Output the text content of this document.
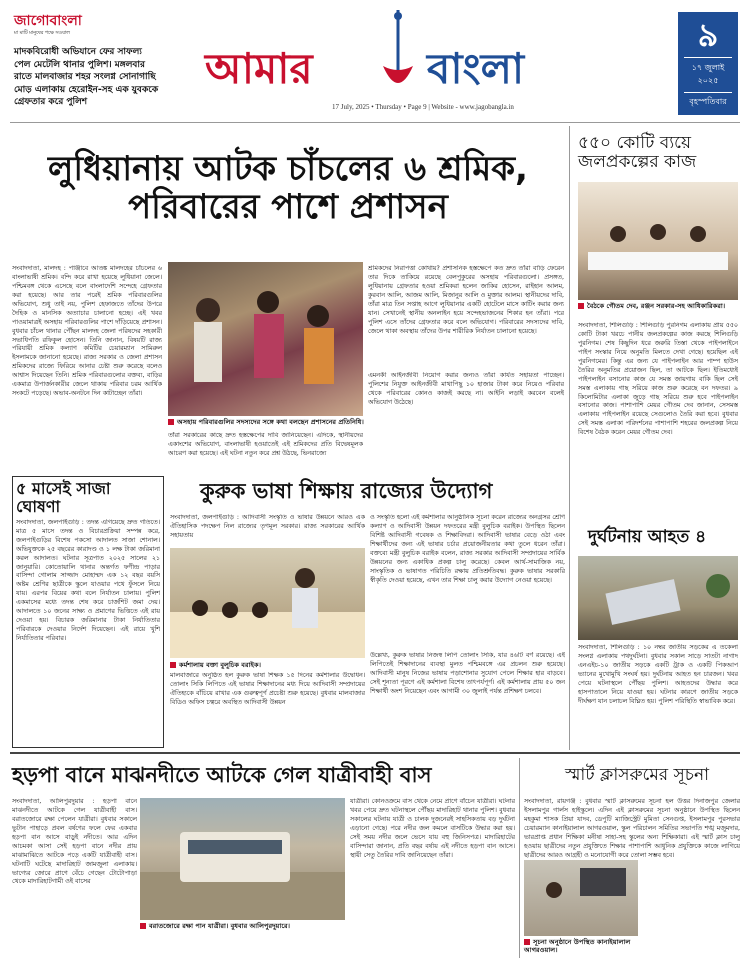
জাগোবাংলা
মা মাটি মানুষের পক্ষে সওয়াল
মাদকবিরোধী অভিযানে ফের সাফল্য পেল মেটেলি থানার পুলিশ। মঙ্গলবার রাতে মালবাজার শহর সংলগ্ন সোনাগাছি মোড় এলাকায় হেরোইন-সহ এক যুবককে গ্রেফতার করে পুলিশ
আমার	বাংলা
17 July, 2025 • Thursday • Page 9 | Website - www.jagobangla.in
৯
১৭ জুলাই
২০২৫
বৃহস্পতিবার
লুধিয়ানায় আটক চাঁচলের ৬ শ্রমিক, পরিবারের পাশে প্রশাসন
সংবাদদাতা, মালদহ : পাঞ্জাবে আতঙ্ক মালদহের চাঁচলের ৬ বাংলাভাষী শ্রমিক। বন্দি করে রাখা হয়েছে লুধিয়ানা জেলে। পশ্চিমবঙ্গ থেকে এসেছে বলে বাংলাদেশি সন্দেহে গ্রেফতার করা হয়েছে। আর তার পরেই শ্রমিক পরিবারগুলির অভিযোগ, শুধু তাই নয়, পুলিশ হেফাজতে তাঁদের উপরে দৈহিক ও মানসিক অত্যাচার চালানো হচ্ছে। এই খবর পাওয়ামাত্রই অসহায় পরিবারগুলির পাশে দাঁড়িয়েছে প্রশাসন। বুধবার চাঁচল থানার পৌঁছন মালদহ জেলা পরিষদের সহকারী সভাধিপতি রফিকুল হোসেন। তিনি জানান, বিষয়টি রাজ্য পরিযায়ী শ্রমিক কল্যাণ কমিটির চেয়ারম্যান সামিরুল ইসলামকে জানানো হয়েছে। রাজ্য সরকার ও জেলা প্রশাসন শ্রমিকদের রাজ্যে ফিরিয়ে আনার চেষ্টা শুরু করেছে বলেও আশ্বাস দিয়েছেন তিনি। শ্রমিক পরিবারগুলোর বক্তব্য, বাড়ির একমাত্র উপার্জনকারীর জেলে থাকায় পরিবার চরম আর্থিক সংকটে পড়েছে। অভাব-অনটনে দিন কাটাচ্ছেন তাঁরা।
অসহায় পরিবারগুলির সদস্যদের সঙ্গে কথা বলছেন প্রশাসনের প্রতিনিধি।
শ্রমিকদের নিরাপত্তা কোথায়? প্রশাসনিক হস্তক্ষেপে কত দ্রুত তাঁরা বাড়ি ফেরেন তার দিকে তাকিয়ে রয়েছে বেলপুকুরের অসহায় পরিবারগুলো। প্রসঙ্গত, লুধিয়ানায় গ্রেফতার হওয়া শ্রমিকরা হলেন জাকির হোসেন, রাইহান আলম, কুরবান আলি, আজম আলি, মিজানুর আলি ও মুক্তার আলম। স্থানীয়দের দাবি, তাঁরা মাত্র তিন সপ্তাহ আগে লুধিয়ানার একটি হোটেলে মাসে কাটিং করার জন্য যান। সেখানেই স্থানীয় অনলাইন হয়ে সন্দেহভাজনের শিকার হন তাঁরা। পরে পুলিশ এসে তাঁদের গ্রেফতার করে বলে অভিযোগ। পরিবারের সদস্যদের দাবি, জেলে থাকা অবস্থায় তাঁদের উপর শারীরিক নির্যাতন চালানো হয়েছে।
এমনকী আইনজীবী নিয়োগ করার জন্যও তাঁরা কার্যত সহায়তা পাচ্ছেন। পুলিশের নিযুক্ত আইনজীবী মাথাপিছু ১০ হাজার টাকা করে নিয়েও পরিবার থেকে পরিবারের কোনও কাজই করছে না। আইনি লড়াই করবেন বলেই অভিযোগ উঠেছে।
তাঁরা সরকারের কাছে দ্রুত হস্তক্ষেপের দাবি জানিয়েছেন। এদিকে, স্থানীয়দের একাংশের অভিযোগ, বাংলাভাষী হওয়াতেই এই শ্রমিকদের প্রতি বিদ্বেষমূলক আচরণ করা হয়েছে। এই ঘটনা নতুন করে প্রশ্ন উঠছে, ভিনরাজ্যে
৫ মাসেই সাজা ঘোষণা
সংবাদদাতা, জলপাইগুড়ি : তদন্ত এগিয়েছে দ্রুত গতিতে। মাত্র ৫ মাসে তদন্ত ও বিচারপ্রক্রিয়া সম্পন্ন করে, জলপাইগুড়ির বিশেষ পকসো আদালত সাজা শোনাল। অভিযুক্তকে ২৫ বছরের কারাদণ্ড ও ১ লক্ষ টাকা জরিমানা করল আদালত। ঘটনার সূত্রপাত ২০২৫ সালের ২১ জানুয়ারি। কোতোয়ালি থানার অন্তর্গত ফণীন্দ্র পাড়ার বাসিন্দা গোলাম সাজ্জাদ মোহাম্মদ এক ১২ বছর বয়সি অষ্টম শ্রেণির ছাত্রীকে স্কুলে যাওয়ার পথে ফুঁসলে নিয়ে যায়। এরপর বিয়ের কথা বলে নির্যাতন চালায়। পুলিশ একমাসের মধ্যে তদন্ত শেষ করে চার্জশিট জমা দেয়। আদালতে ১০ জনের সাক্ষ্য ও প্রমাণের ভিত্তিতে এই রায় দেওয়া হয়। বিচারক জরিমানার টাকা নির্যাতিতার পরিবারকে দেওয়ার নির্দেশ দিয়েছেন। এই রায়ে খুশি নির্যাতিতার পরিবার।
কুরুক ভাষা শিক্ষায় রাজ্যের উদ্যোগ
সংবাদদাতা, জলপাইগুড়ি : আদিবাসী সংস্কৃতি ও ভাষার উন্নয়নে আরও এক ঐতিহাসিক পদক্ষেপ নিল রাজ্যের তৃণমূল সরকার। রাজ্য সরকারের আর্থিক সহায়তায়
কর্মশালায় বক্তা বুলুচিক বরাইক।
মালবাজারে অনুষ্ঠিত হল কুরুক ভাষা শিক্ষক ১৫ দিনের কর্মশালার উদ্বোধন। তোলাং সিকি লিপিতে এই ভাষার শিক্ষাদানের মধ্য দিয়ে আদিবাসী সম্প্রদায়ের ঐতিহ্যকে বাঁচিয়ে রাখার এক গুরুত্বপূর্ণ প্রচেষ্টা শুরু হয়েছে। বুধবার মালবাজার বিডিও অফিস চত্বরে অবস্থিত আদিবাসী উন্নয়ন
ও সংস্কৃতি হলো এই কর্মশালার আনুষ্ঠানিক সূচনা করেন রাজ্যের অনগ্রসর শ্রেণি কল্যাণ ও আদিবাসী উন্নয়ন দফতরের মন্ত্রী বুলুচিক বরাইক। উপস্থিত ছিলেন বিশিষ্ট আদিবাসী গবেষক ও শিক্ষাবিদরা। আদিবাসী ভাষার বেড়ে ওঠা এবং শিক্ষার্থীদের জন্য এই ভাষার চর্চার প্রয়োজনীয়তার কথা তুলে ধরেন তাঁরা। বক্তব্যে মন্ত্রী বুলুচিক বরাইক বলেন, রাজ্য সরকার আদিবাসী সম্প্রদায়ের সার্বিক উন্নয়নের জন্য একাধিক প্রকল্প চালু করেছে। কেবল আর্থ-সামাজিক নয়, সাংস্কৃতিক ও ভাষাগত পরিচিতি রক্ষায় প্রতিশ্রুতিবদ্ধ। কুরুক ভাষার সরকারি স্বীকৃতি দেওয়া হয়েছে, এখন তার শিক্ষা চালু করার উদ্যোগ নেওয়া হয়েছে।
উল্লেখ্য, কুরুক ভাষার নিজস্ব লিপি তোলাং সিকি, যার ৪৬টি বর্ণ রয়েছে। এই লিপিতেই শিক্ষাদানের ব্যবস্থা মুলত পশ্চিমবঙ্গে এর প্রচলন শুরু হয়েছে। আদিবাসী মানুষ নিজের ভাষায় পড়াশোনার সুযোগ পেলে শিক্ষার হার বাড়বে। সেই শূন্যতা পূরণে এই কর্মশালা বিশেষ তাৎপর্যপূর্ণ। এই কর্মশালায় প্রায় ৫০ জন শিক্ষার্থী অংশ নিয়েছেন এবং আগামী ৩০ জুলাই পর্যন্ত প্রশিক্ষণ চলবে।
৫৫০ কোটি ব্যয়ে জলপ্রকল্পের কাজ
বৈঠকে গৌতম দেব, রঞ্জন সরকার-সহ আধিকারিকরা।
সংবাদদাতা, শিলিগুড়ি : শিলিগুড়ি পুরনিগম এলাকায় প্রায় ৫৫০ কোটি টাকা খরচে পানীয় জলপ্রকল্পের কাজ করছে শিলিগুড়ি পুরনিগম। শেষ কিছুদিন ধরে জরুরি তিস্তা থেকে পাইপলাইনে পাইপ সংস্কার নিয়ে অনুমতি মিলতে দেখা গেছে। হয়েছিল এই পুরনিগমের। কিন্তু এর জন্য যে পাইপলাইন আর পাম্প হাউস তৈরির অনুমতির প্রয়োজন ছিল, তা আটকে ছিল। ইতিমধ্যেই পাইপলাইন বসানোর কাজ যে সমস্ত জায়গায় বাকি ছিল সেই সমস্ত এলাকায় গাছ সরিয়ে কাজ শুরু করেছে বন দফতর। ৯ কিলোমিটার এলাকা জুড়ে গাছ সরিয়ে শুরু হবে পাইপলাইন বসানোর কাজ। পাশাপাশি মেয়র গৌতম দেব জানান, সেসমস্ত এলাকায় পাইপলাইন রয়েছে সেগুলোও তৈরি করা হবে। বুধবার সেই সমস্ত এলাকা পরিদর্শনের পাশাপাশি শহরের জলপ্রকল্প নিয়ে বিশেষ বৈঠক করেন মেয়র গৌতম দেব।
দুর্ঘটনায় আহত ৪
সংবাদদাতা, শিলিগুড়ি : ১০ নম্বর জাতীয় সড়কের এ তকেলা সংলগ্ন এলাকায় পথদুর্ঘটনা। বুধবার সকাল সাড়ে সাতটা নাগাদ এনএইচ-১০ জাতীয় সড়কে একটি ট্রাক ও একটি পিকআপ ভ্যানের মুখোমুখি সংঘর্ষ হয়। দুর্ঘটনায় আহত হন চারজন। খবর পেয়ে ঘটনাস্থলে পৌঁছয় পুলিশ। আহতদের উদ্ধার করে হাসপাতালে নিয়ে যাওয়া হয়। ঘটনার কারণে জাতীয় সড়কে দীর্ঘক্ষণ যান চলাচল বিঘ্নিত হয়। পুলিশ পরিস্থিতি স্বাভাবিক করে।
হড়পা বানে মাঝনদীতে আটকে গেল যাত্রীবাহী বাস
সংবাদদাতা, আলিপুরদুয়ার : হড়পা বানে মাঝনদীতে আটকে গেল যাত্রীবাহী বাস। বরাতজোরে রক্ষা পেলেন যাত্রীরা। বুধবার সকালে ভুটান পাহাড়ে প্রবল বর্ষণের ফলে ফের একবার হড়পা বান আসে বাড়ুই নদীতে। আর এদিন আচমকা আসা সেই হড়পা বানে নদীর প্রায় মাঝামাঝিতে আটকে পড়ে একটি যাত্রীবাহী বাস। ঘটনাটি ঘটেছে মাদারিহাট জামজুলা এলাকায়। ভাগ্যের জোরে প্রাণে বেঁচে গেছেন টোটোপাড়া থেকে মাদারিহাটগামী ওই বাসের
বরাতজোরে রক্ষা পান যাত্রীরা। বুধবার আলিপুরদুয়ারে।
যাত্রীরা। কোনওক্রমে বাস থেকে নেমে প্রাণে বাঁচেন যাত্রীরা। ঘটনার খবর পেয়ে দ্রুত ঘটনাস্থলে পৌঁছয় মাদারিহাট থানার পুলিশ। বুধবার সকালের ঘটনায় যাত্রী ও চালক দুজনেরই সাহসিকতায় বড় দুর্ঘটনা এড়ানো গেছে। পরে নদীর জল কমলে বাসটিকে উদ্ধার করা হয়। সেই সময় নদীর জলে ভেসে যায় বহু জিনিসপত্র। মাদারিহাটের বাসিন্দারা জানান, প্রতি বছর বর্ষায় এই নদীতে হড়পা বান আসে। স্থায়ী সেতু তৈরির দাবি জানিয়েছেন তাঁরা।
স্মার্ট ক্লাসরুমের সূচনা
সংবাদদাতা, রায়গঞ্জ : বুধবার স্মার্ট ক্লাসরুমের সূচনা হল উত্তর দিনাজপুর জেলার ইসলামপুর গার্লস হাইস্কুলে। এদিন এই ক্লাসরুমের সূচনা অনুষ্ঠানে উপস্থিত ছিলেন মহকুমা শাসক প্রিয়া যাদব, ডেপুটি ম্যাজিস্ট্রেট মুমিতা সেনগুপ্ত, ইসলামপুর পুরসভার চেয়ারম্যান কানাইয়ালাল আগরওয়াল, স্কুল পরিচালন সমিতির সভাপতি শঙ্খ মজুমদার, ভারপ্রাপ্ত প্রধান শিক্ষিকা মনীষা সাহা-সহ স্কুলের অন্য শিক্ষিকারা। এই স্মার্ট ক্লাস চালু হওয়ায় ছাত্রীদের নতুন প্রযুক্তিতে শিক্ষার পাশাপাশি আধুনিক প্রযুক্তিকে কাজে লাগিয়ে ছাত্রীদের আরও আগ্রহী ও মনোযোগী করে তোলা সম্ভব হবে।
সূচনা অনুষ্ঠানে উপস্থিত কানাইয়ালাল আগরওয়াল।
